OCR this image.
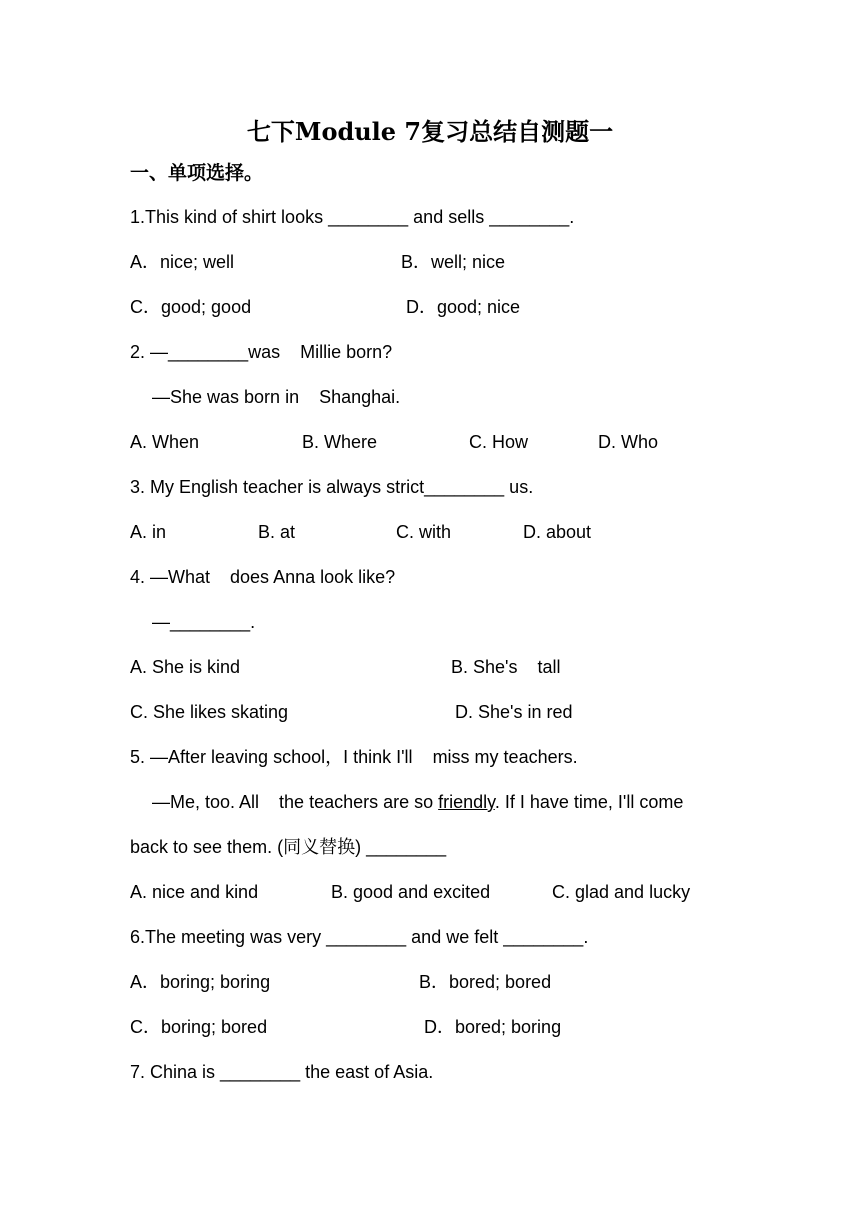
七下Module 7复习总结自测题一
一、单项选择。
1.This kind of shirt looks ________ and sells ________.
A．nice; well	B．well; nice
C．good; good	D．good; nice
2. —________was    Millie born?
—She was born in    Shanghai.
A. When	B. Where	C. How	D. Who
3. My English teacher is always strict________ us.
A. in	B. at	C. with	D. about
4. —What    does Anna look like?
—________.
A. She is kind	B. She's    tall
C. She likes skating	D. She's in red
5. —After leaving school，I think I'll    miss my teachers.
—Me, too. All    the teachers are so friendly. If I have time, I'll come
back to see them. (同义替换) ________
A. nice and kind	B. good and excited	C. glad and lucky
6.The meeting was very ________ and we felt ________.
A．boring; boring	B．bored; bored
C．boring; bored	D．bored; boring
7. China is ________ the east of Asia.
